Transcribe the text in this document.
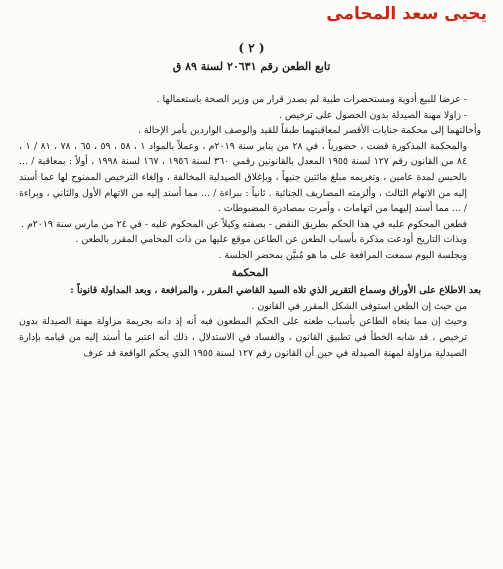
يحيى سعد المحامى
( ٢ )
تابع الطعن رقم ٢٠٦٣١ لسنة ٨٩ ق

- عرضا للبيع أدوية ومستحضرات طبية لم يصدر قرار من وزير الصحة باستعمالها .

- زاولا مهنة الصيدلة بدون الحصول على ترخيص .

وأحالتهما إلى محكمة جنايات الأقصر لمعاقبتهما طبقاً للقيد والوصف الواردين بأمر الإحالة .

والمحكمة المذكورة قضت ، حضورياً ، في ٢٨ من يناير سنة ٢٠١٩م ، وعملاً بالمواد ١ ، ٥٨ ، ٥٩ ، ٦٥ ، ٧٨ ، ٨١ / ١ ، ٨٤ من القانون رقم ١٢٧ لسنة ١٩٥٥ المعدل بالقانونين رقمي ٣٦٠ لسنة ١٩٥٦ ، ١٦٧ لسنة ١٩٩٨ ، أولاً : بمعاقبة / ... بالحبس لمدة عامين ، وتغريمه مبلغ مائتين جنيهاً ، وبإغلاق الصيدلية المخالفة ، وإلغاء الترخيص الممنوح لها عما أسند إليه من الاتهام الثالث ، وألزمته المصاريف الجنائية . ثانياً : ببراءة / ... مما أسند إليه من الاتهام الأول والثاني ، وبراءة / ... مما أسند إليهما من اتهامات ، وأمرت بمصادرة المضبوطات .

فطعن المحكوم عليه في هذا الحكم بطريق النقض - بصفته وكيلاً عن المحكوم عليه - في ٢٤ من مارس سنة ٢٠١٩م .

وبذات التاريخ أودعت مذكرة بأسباب الطعن عن الطاعن موقع عليها من ذات المحامي المقرر بالطعن .

وبجلسة اليوم سمعت المرافعة على ما هو مُبيَّن بمحضر الجلسة .

المحكمة

بعد الاطلاع على الأوراق وسماع التقرير الذي تلاه السيد القاضي المقرر ، والمرافعة ، وبعد المداولة قانوناً :

من حيث إن الطعن استوفى الشكل المقرر في القانون .

وحيث إن مما ينعاه الطاعن بأسباب طعنه على الحكم المطعون فيه أنه إذ دانه بجريمة مزاولة مهنة الصيدلة بدون ترخيص ، قد شابه الخطأ في تطبيق القانون ، والفساد في الاستدلال ، ذلك أنه اعتبر ما أسند إليه من قيامه بإدارة الصيدلية مزاولة لمهنة الصيدلة في حين أن القانون رقم ١٢٧ لسنة ١٩٥٥ الذي يحكم الواقعة قد عرف
